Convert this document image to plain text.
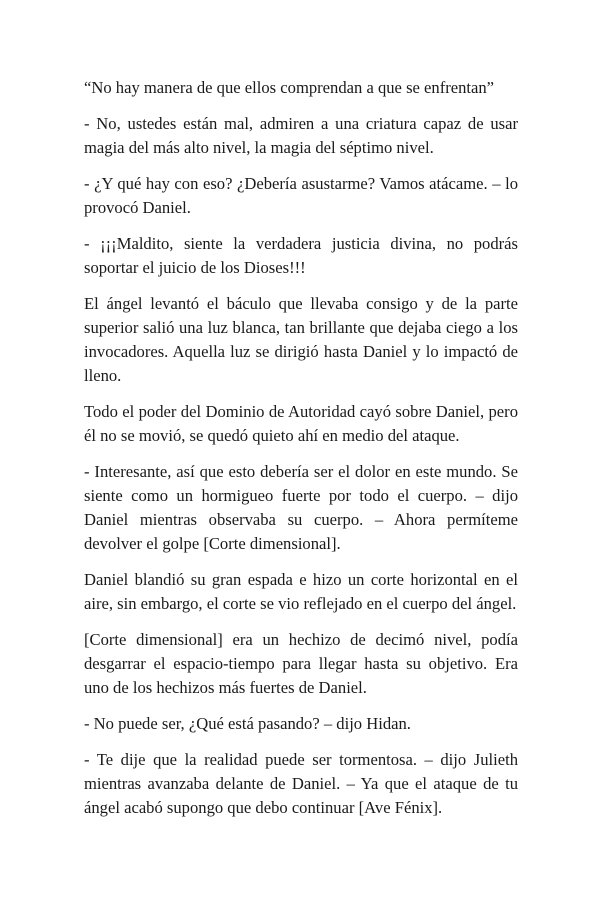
“No hay manera de que ellos comprendan a que se enfrentan”

- No, ustedes están mal, admiren a una criatura capaz de usar magia del más alto nivel, la magia del séptimo nivel.

- ¿Y qué hay con eso? ¿Debería asustarme? Vamos atácame. – lo provocó Daniel.

- ¡¡¡Maldito, siente la verdadera justicia divina, no podrás soportar el juicio de los Dioses!!!

El ángel levantó el báculo que llevaba consigo y de la parte superior salió una luz blanca, tan brillante que dejaba ciego a los invocadores. Aquella luz se dirigió hasta Daniel y lo impactó de lleno.

Todo el poder del Dominio de Autoridad cayó sobre Daniel, pero él no se movió, se quedó quieto ahí en medio del ataque.

- Interesante, así que esto debería ser el dolor en este mundo. Se siente como un hormigueo fuerte por todo el cuerpo. – dijo Daniel mientras observaba su cuerpo. – Ahora permíteme devolver el golpe [Corte dimensional].

Daniel blandió su gran espada e hizo un corte horizontal en el aire, sin embargo, el corte se vio reflejado en el cuerpo del ángel.

[Corte dimensional] era un hechizo de decimó nivel, podía desgarrar el espacio-tiempo para llegar hasta su objetivo. Era uno de los hechizos más fuertes de Daniel.

- No puede ser, ¿Qué está pasando? – dijo Hidan.

- Te dije que la realidad puede ser tormentosa. – dijo Julieth mientras avanzaba delante de Daniel. – Ya que el ataque de tu ángel acabó supongo que debo continuar [Ave Fénix].
